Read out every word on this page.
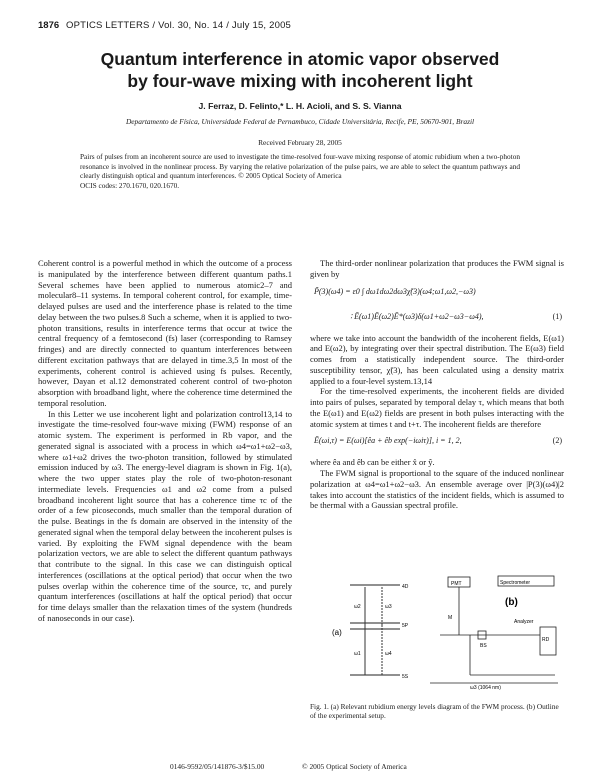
1876 OPTICS LETTERS / Vol. 30, No. 14 / July 15, 2005
Quantum interference in atomic vapor observed
by four-wave mixing with incoherent light
J. Ferraz, D. Felinto,* L. H. Acioli, and S. S. Vianna
Departamento de Física, Universidade Federal de Pernambuco, Cidade Universitária, Recife, PE, 50670-901, Brazil
Received February 28, 2005

Pairs of pulses from an incoherent source are used to investigate the time-resolved four-wave mixing response of atomic rubidium when a two-photon resonance is involved in the nonlinear process. By varying the relative polarization of the pulse pairs, we are able to select the quantum pathways and clearly distinguish optical and quantum interferences. © 2005 Optical Society of America

OCIS codes: 270.1670, 020.1670.

Coherent control is a powerful method in which the outcome of a process is manipulated by the interference between different quantum paths.1 Several schemes have been applied to numerous atomic2–7 and molecular8–11 systems. In temporal coherent control, for example, time-delayed pulses are used and the interference phase is related to the time delay between the two pulses.8 Such a scheme, when it is applied to two-photon transitions, results in interference terms that occur at twice the central frequency of a femtosecond (fs) laser (corresponding to Ramsey fringes) and are directly connected to quantum interferences between different excitation pathways that are delayed in time.3,5 In most of the experiments, coherent control is achieved using fs pulses. Recently, however, Dayan et al.12 demonstrated coherent control of two-photon absorption with broadband light, where the coherence time determined the temporal resolution.

In this Letter we use incoherent light and polarization control13,14 to investigate the time-resolved four-wave mixing (FWM) response of an atomic system. The experiment is performed in Rb vapor, and the generated signal is associated with a process in which ω4=ω1+ω2−ω3, where ω1+ω2 drives the two-photon transition, followed by stimulated emission induced by ω3. The energy-level diagram is shown in Fig. 1(a), where the two upper states play the role of two-photon-resonant intermediate levels. Frequencies ω1 and ω2 come from a pulsed broadband incoherent light source that has a coherence time τc of the order of a few picoseconds, much smaller than the temporal duration of the pulse. Beatings in the fs domain are observed in the intensity of the generated signal when the temporal delay between the incoherent pulses is varied. By exploiting the FWM signal dependence with the beam polarization vectors, we are able to select the different quantum pathways that contribute to the signal. In this case we can distinguish optical interferences (oscillations at the optical period) that occur when the two pulses overlap within the coherence time of the source, τc, and purely quantum interferences (oscillations at half the optical period) that occur for time delays smaller than the relaxation times of the system (hundreds of nanoseconds in our case).

The third-order nonlinear polarization that produces the FWM signal is given by

P̃(3)(ω4) = ε0 ∫ dω1dω2dω3χ̃(3)(ω4;ω1,ω2,−ω3)
∶ Ē(ω1)Ē(ω2)Ē*(ω3)δ(ω1+ω2−ω3−ω4),	(1)

where we take into account the bandwidth of the incoherent fields, E(ω1) and E(ω2), by integrating over their spectral distribution. The E(ω3) field comes from a statistically independent source. The third-order susceptibility tensor, χ̃(3), has been calculated using a density matrix applied to a four-level system.13,14

For the time-resolved experiments, the incoherent fields are divided into pairs of pulses, separated by temporal delay τ, which means that both the E(ω1) and E(ω2) fields are present in both pulses interacting with the atomic system at times t and t+τ. The incoherent fields are therefore

Ē(ωi,τ) = E(ωi)[êa + êb exp(−iωiτ)], i = 1, 2,	(2)

where êa and êb can be either x̂ or ŷ.

The FWM signal is proportional to the square of the induced nonlinear polarization at ω4=ω1+ω2−ω3. An ensemble average over |P(3)(ω4)|2 takes into account the statistics of the incident fields, which is assumed to be thermal with a Gaussian spectral profile.

(a)
4D
5P
5S
ω1
ω2	ω3
ω4
PMT	Spectrometer
(b)
Analyzer
RD
M
BS
ω3 (1064 nm)
Fig. 1. (a) Relevant rubidium energy levels diagram of the FWM process. (b) Outline of the experimental setup.
0146-9592/05/141876-3/$15.00	© 2005 Optical Society of America
